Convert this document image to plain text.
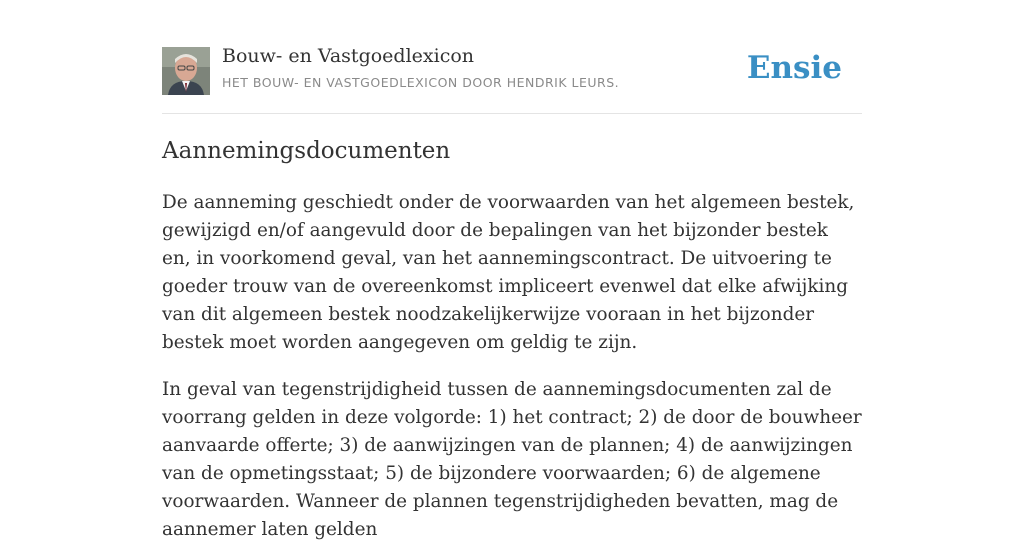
Bouw- en Vastgoedlexicon
HET BOUW- EN VASTGOEDLEXICON DOOR HENDRIK LEURS.	Ensie
Aannemingsdocumenten

De aanneming geschiedt onder de voorwaarden van het algemeen bestek, gewijzigd en/of aangevuld door de bepalingen van het bijzonder bestek en, in voorkomend geval, van het aannemingscontract. De uitvoering te goeder trouw van de overeenkomst impliceert evenwel dat elke afwijking van dit algemeen bestek noodzakelijkerwijze vooraan in het bijzonder bestek moet worden aangegeven om geldig te zijn.

In geval van tegenstrijdigheid tussen de aannemingsdocumenten zal de voorrang gelden in deze volgorde: 1) het contract; 2) de door de bouwheer aanvaarde offerte; 3) de aanwijzingen van de plannen; 4) de aanwijzingen van de opmetingsstaat; 5) de bijzondere voorwaarden; 6) de algemene voorwaarden. Wanneer de plannen tegenstrijdigheden bevatten, mag de aannemer laten gelden
